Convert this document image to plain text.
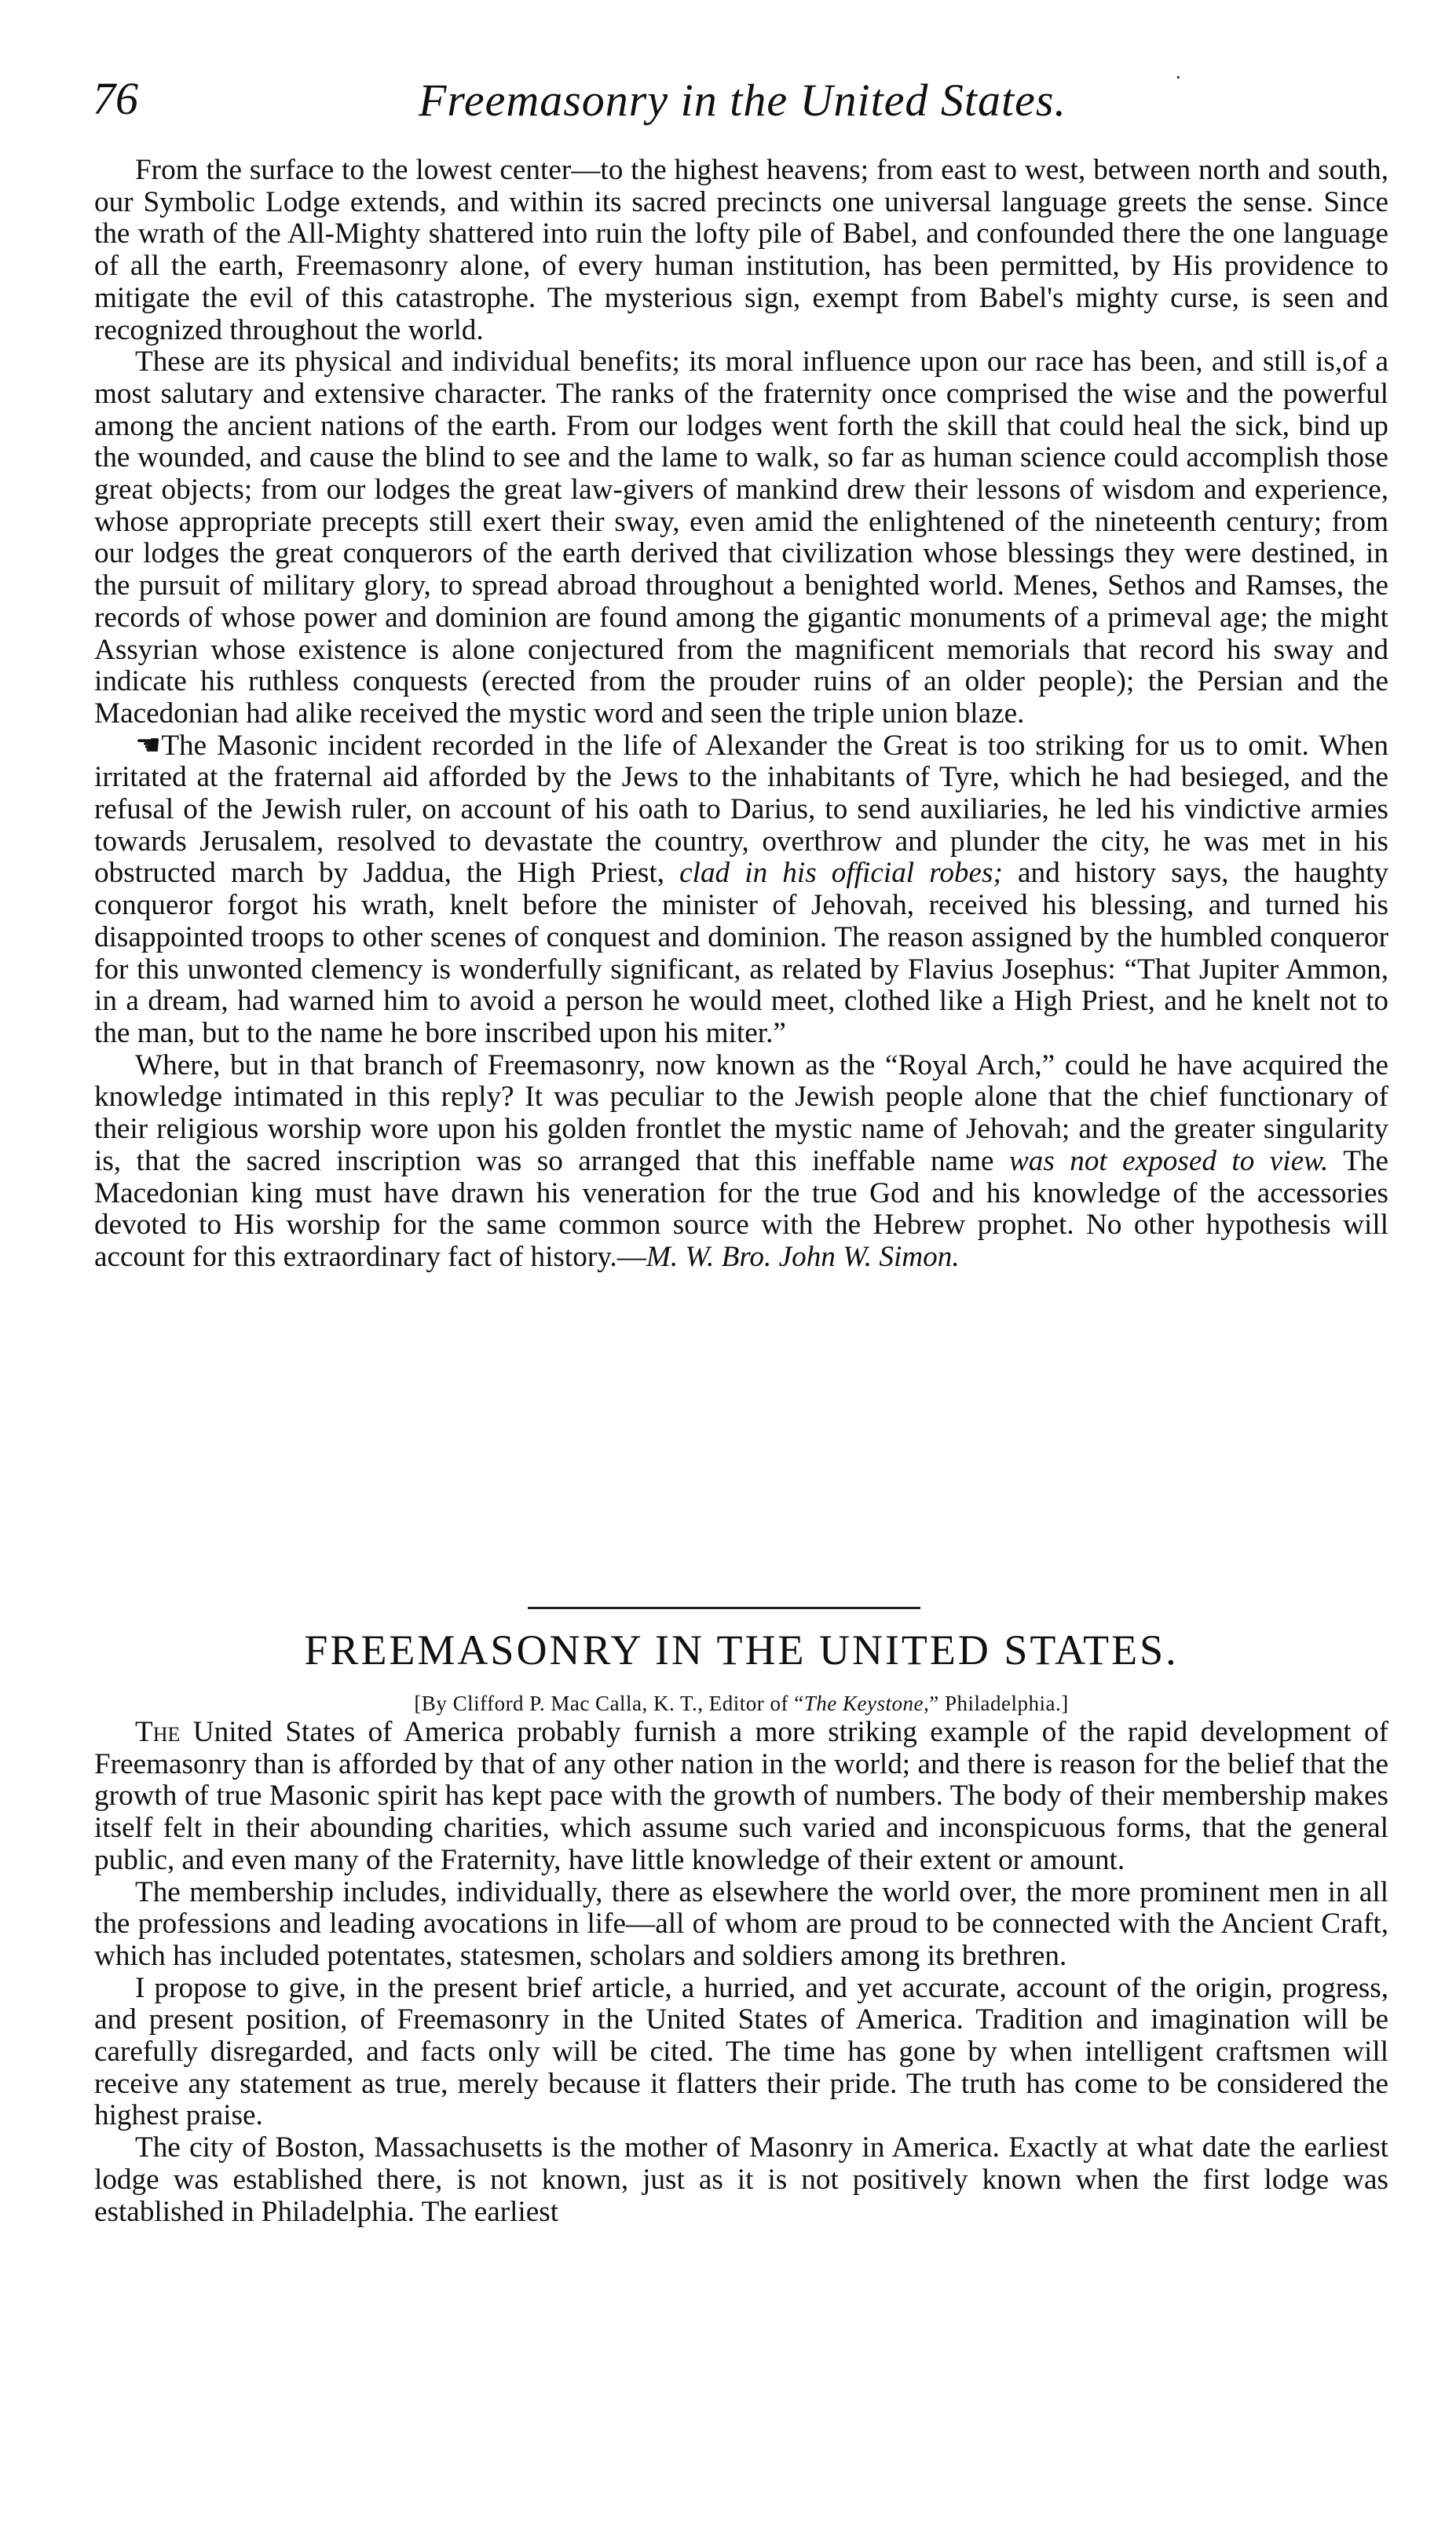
76	Freemasonry in the United States.	·

From the surface to the lowest center—to the highest heavens; from east to west, between north and south, our Symbolic Lodge extends, and within its sacred precincts one universal language greets the sense. Since the wrath of the All-Mighty shattered into ruin the lofty pile of Babel, and confounded there the one language of all the earth, Freemasonry alone, of every human institution, has been permitted, by His providence to mitigate the evil of this catastrophe. The mysterious sign, exempt from Babel's mighty curse, is seen and recognized throughout the world.

These are its physical and individual benefits; its moral influence upon our race has been, and still is,of a most salutary and extensive character. The ranks of the fraternity once comprised the wise and the powerful among the ancient nations of the earth. From our lodges went forth the skill that could heal the sick, bind up the wounded, and cause the blind to see and the lame to walk, so far as human science could accomplish those great objects; from our lodges the great law-givers of mankind drew their lessons of wisdom and experience, whose appropriate precepts still exert their sway, even amid the enlightened of the nineteenth century; from our lodges the great conquerors of the earth derived that civilization whose blessings they were destined, in the pursuit of military glory, to spread abroad throughout a benighted world. Menes, Sethos and Ramses, the records of whose power and dominion are found among the gigantic monuments of a primeval age; the might Assyrian whose existence is alone conjectured from the magnificent memorials that record his sway and indicate his ruthless conquests (erected from the prouder ruins of an older people); the Persian and the Macedonian had alike received the mystic word and seen the triple union blaze.

☚The Masonic incident recorded in the life of Alexander the Great is too striking for us to omit. When irritated at the fraternal aid afforded by the Jews to the inhabitants of Tyre, which he had besieged, and the refusal of the Jewish ruler, on account of his oath to Darius, to send auxiliaries, he led his vindictive armies towards Jerusalem, resolved to devastate the country, overthrow and plunder the city, he was met in his obstructed march by Jaddua, the High Priest, clad in his official robes; and history says, the haughty conqueror forgot his wrath, knelt before the minister of Jehovah, received his blessing, and turned his disappointed troops to other scenes of conquest and dominion. The reason assigned by the humbled conqueror for this unwonted clemency is wonderfully significant, as related by Flavius Josephus: “That Jupiter Ammon, in a dream, had warned him to avoid a person he would meet, clothed like a High Priest, and he knelt not to the man, but to the name he bore inscribed upon his miter.”

Where, but in that branch of Freemasonry, now known as the “Royal Arch,” could he have acquired the knowledge intimated in this reply? It was peculiar to the Jewish people alone that the chief functionary of their religious worship wore upon his golden frontlet the mystic name of Jehovah; and the greater singularity is, that the sacred inscription was so arranged that this ineffable name was not exposed to view. The Macedonian king must have drawn his veneration for the true God and his knowledge of the accessories devoted to His worship for the same common source with the Hebrew prophet. No other hypothesis will account for this extraordinary fact of history.—M. W. Bro. John W. Simon.

FREEMASONRY IN THE UNITED STATES.
[By Clifford P. Mac Calla, K. T., Editor of “The Keystone,” Philadelphia.]

The United States of America probably furnish a more striking example of the rapid development of Freemasonry than is afforded by that of any other nation in the world; and there is reason for the belief that the growth of true Masonic spirit has kept pace with the growth of numbers. The body of their membership makes itself felt in their abounding charities, which assume such varied and inconspicuous forms, that the general public, and even many of the Fraternity, have little knowledge of their extent or amount.

The membership includes, individually, there as elsewhere the world over, the more prominent men in all the professions and leading avocations in life—all of whom are proud to be connected with the Ancient Craft, which has included potentates, statesmen, scholars and soldiers among its brethren.

I propose to give, in the present brief article, a hurried, and yet accurate, account of the origin, progress, and present position, of Freemasonry in the United States of America. Tradition and imagination will be carefully disregarded, and facts only will be cited. The time has gone by when intelligent craftsmen will receive any statement as true, merely because it flatters their pride. The truth has come to be considered the highest praise.

The city of Boston, Massachusetts is the mother of Masonry in America. Exactly at what date the earliest lodge was established there, is not known, just as it is not positively known when the first lodge was established in Philadelphia. The earliest
